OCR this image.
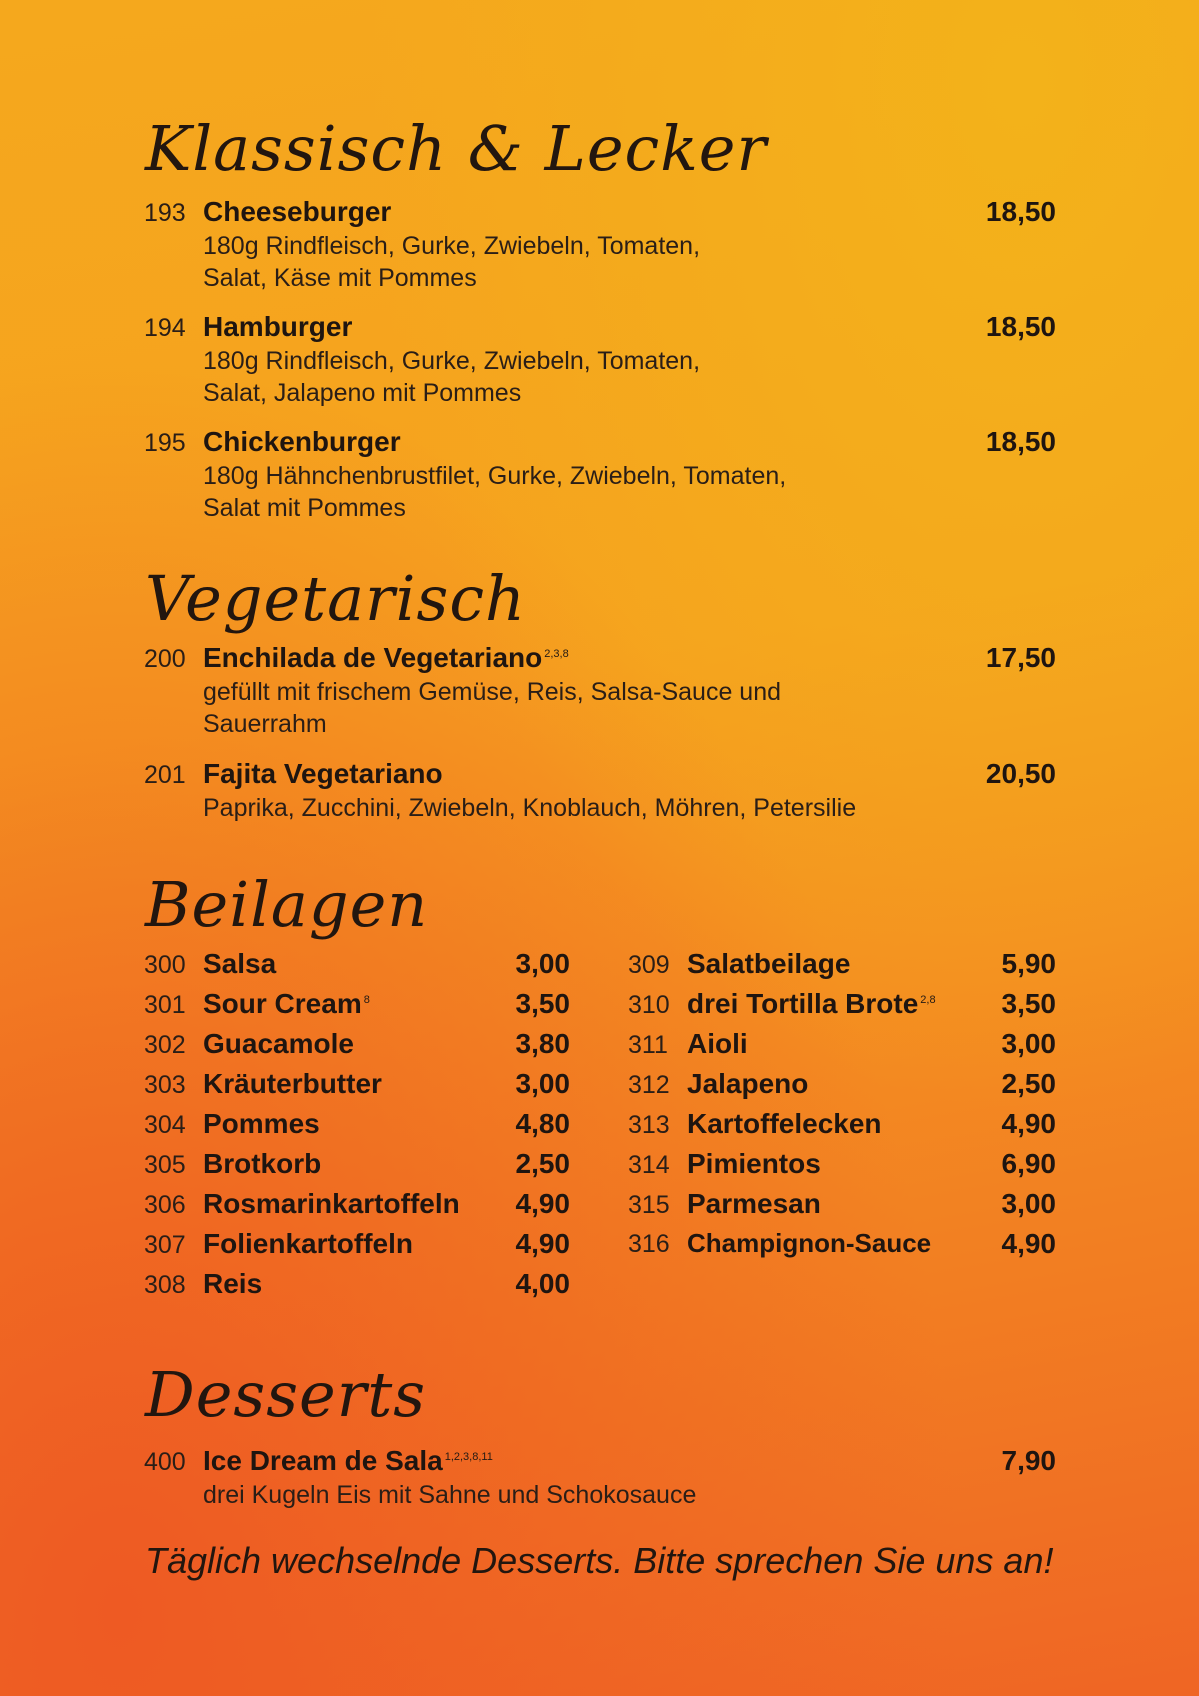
Klassisch & Lecker
193 Cheeseburger	18,50
180g Rindfleisch, Gurke, Zwiebeln, Tomaten,
Salat, Käse mit Pommes
194 Hamburger	18,50
180g Rindfleisch, Gurke, Zwiebeln, Tomaten,
Salat, Jalapeno mit Pommes
195 Chickenburger	18,50
180g Hähnchenbrustfilet, Gurke, Zwiebeln, Tomaten,
Salat mit Pommes
Vegetarisch
200 Enchilada de Vegetariano $^{2,3,8}$	17,50
gefüllt mit frischem Gemüse, Reis, Salsa-Sauce und
Sauerrahm
201 Fajita Vegetariano	20,50
Paprika, Zucchini, Zwiebeln, Knoblauch, Möhren, Petersilie
Beilagen
300 Salsa	3,00
301 Sour Cream $^8$	3,50
302 Guacamole	3,80
303 Kräuterbutter	3,00
304 Pommes	4,80
305 Brotkorb	2,50
306 Rosmarinkartoffeln 4,90
307 Folienkartoffeln	4,90
308 Reis	4,00
309 Salatbeilage	5,90
310 drei Tortilla Brote $^{2,8}$ 3,50
311 Aioli	3,00
312 Jalapeno	2,50
313 Kartoffelecken	4,90
314 Pimientos	6,90
315 Parmesan	3,00
316 Champignon-Sauce	4,90
Desserts
400 Ice Dream de Sala $^{1,2,3,8,11}$	7,90
drei Kugeln Eis mit Sahne und Schokosauce
Täglich wechselnde Desserts. Bitte sprechen Sie uns an!
